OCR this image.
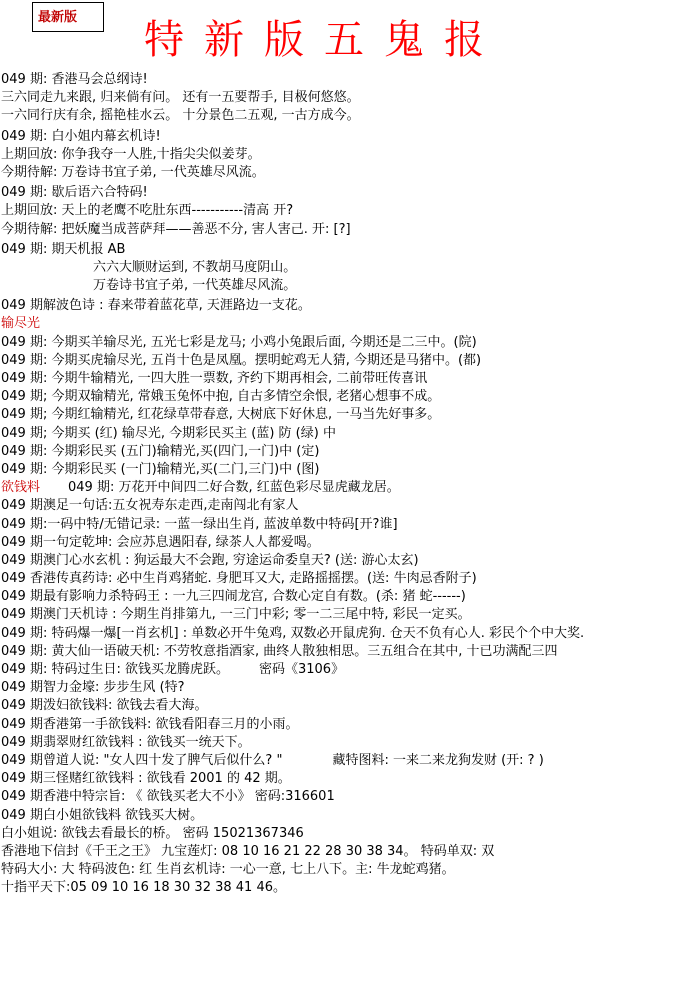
最新版	特新版五鬼报
049 期: 香港马会总纲诗!
三六同走九来跟, 归来倘有问。 还有一五要帮手, 目极何悠悠。
一六同行庆有余, 摇艳桂水云。 十分景色二五观, 一古方成今。
049 期: 白小姐内幕玄机诗!
上期回放: 你争我夺一人胜,十指尖尖似姜芽。
今期待解: 万卷诗书宜子弟, 一代英雄尽风流。
049 期: 歇后语六合特码!
上期回放: 天上的老鹰不吃肚东西-----------清高 开?
今期待解: 把妖魔当成菩萨拜——善恶不分, 害人害己. 开: [?]
049 期: 期天机报 AB
六六大顺财运到, 不教胡马度阴山。
万卷诗书宜子弟, 一代英雄尽风流。
049 期解波色诗 : 春来带着蓝花草, 天涯路边一支花。
输尽光
049 期: 今期买羊输尽光, 五光七彩是龙马; 小鸡小兔跟后面, 今期还是二三中。(院)
049 期: 今期买虎输尽光, 五肖十色是凤凰。摆明蛇鸡无人猜, 今期还是马猪中。(都)
049 期: 今期牛输精光, 一四大胜一票数, 齐约下期再相会, 二前带旺传喜讯
049 期; 今期双输精光, 常娥玉兔怀中抱, 自古多情空余恨, 老猪心想事不成。
049 期; 今期红输精光, 红花绿草带春意, 大树底下好休息, 一马当先好事多。
049 期; 今期买 (红) 输尽光, 今期彩民买主 (蓝) 防 (绿) 中
049 期: 今期彩民买 (五门)输精光,买(四门,一门)中 (定)
049 期: 今期彩民买 (一门)输精光,买(二门,三门)中 (图)
欲钱料 049 期: 万花开中间四二好合数, 红蓝色彩尽显虎藏龙居。
049 期澳足一句话:五女祝寿东走西,走南闯北有家人
049 期:一码中特/无错记录: 一蓝一绿出生肖, 蓝波单数中特码[开?谁]
049 期一句定乾坤: 会应苏息遇阳春, 绿茶人人都爱喝。
049 期澳门心水玄机 : 狗运最大不会跑, 穷途运命委皇天? (送: 游心太玄)
049 香港传真药诗: 必中生肖鸡猪蛇. 身肥耳又大, 走路摇摇摆。(送: 牛肉忌香附子)
049 期最有影响力杀特码王 : 一九三四闹龙宫, 合数心定自有数。(杀: 猪 蛇------)
049 期澳门天机诗 : 今期生肖排第九, 一三门中彩; 零一二三尾中特, 彩民一定买。
049 期: 特码爆一爆[一肖玄机] : 单数必开牛兔鸡, 双数必开鼠虎狗. 仓天不负有心人. 彩民个个中大奖.
049 期: 黄大仙一语破天机: 不劳牧意指酒家, 曲终人散独相思。三五组合在其中, 十已功满配三四
049 期: 特码过生日: 欲钱买龙腾虎跃。 密码《3106》
049 期智力金壕: 步步生风 (特?
049 期泼妇欲钱料: 欲钱去看大海。
049 期香港第一手欲钱料: 欲钱看阳春三月的小雨。
049 期翡翠财红欲钱料 : 欲钱买一统天下。
049 期曾道人说: "女人四十发了脾气后似什么? "	藏特图料: 一来二来龙狗发财 (开: ? )
049 期三怪赌红欲钱料 : 欲钱看 2001 的 42 期。
049 期香港中特宗旨: 《 欲钱买老大不小》 密码:316601
049 期白小姐欲钱料 欲钱买大树。
白小姐说: 欲钱去看最长的桥。 密码 15021367346
香港地下信封《千王之王》 九宝莲灯: 08 10 16 21 22 28 30 38 34。 特码单双: 双
特码大小: 大 特码波色: 红 生肖玄机诗: 一心一意, 七上八下。主: 牛龙蛇鸡猪。
十指平天下:05 09 10 16 18 30 32 38 41 46。
